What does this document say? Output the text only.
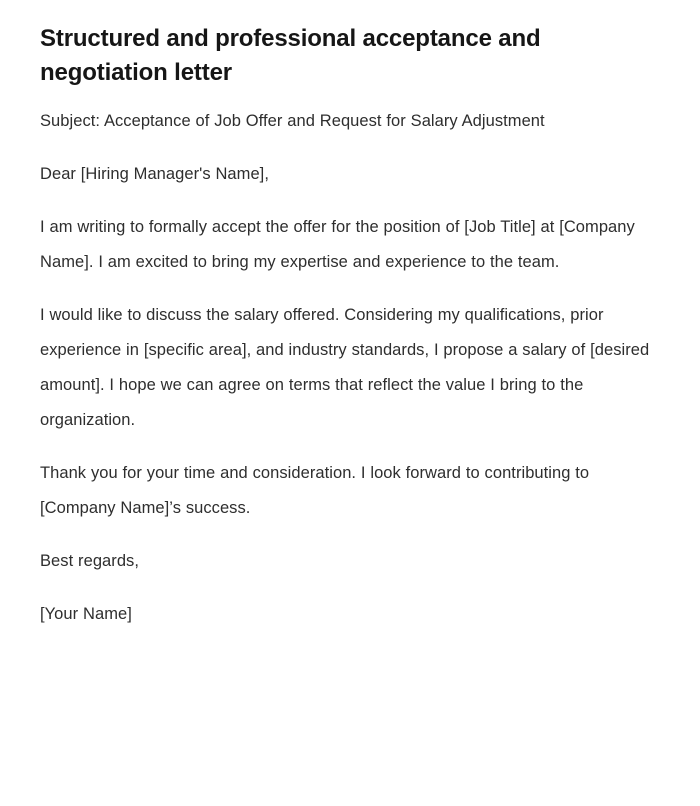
Structured and professional acceptance and negotiation letter

Subject: Acceptance of Job Offer and Request for Salary Adjustment

Dear [Hiring Manager's Name],

I am writing to formally accept the offer for the position of [Job Title] at [Company Name]. I am excited to bring my expertise and experience to the team.

I would like to discuss the salary offered. Considering my qualifications, prior experience in [specific area], and industry standards, I propose a salary of [desired amount]. I hope we can agree on terms that reflect the value I bring to the organization.

Thank you for your time and consideration. I look forward to contributing to [Company Name]’s success.

Best regards,

[Your Name]
